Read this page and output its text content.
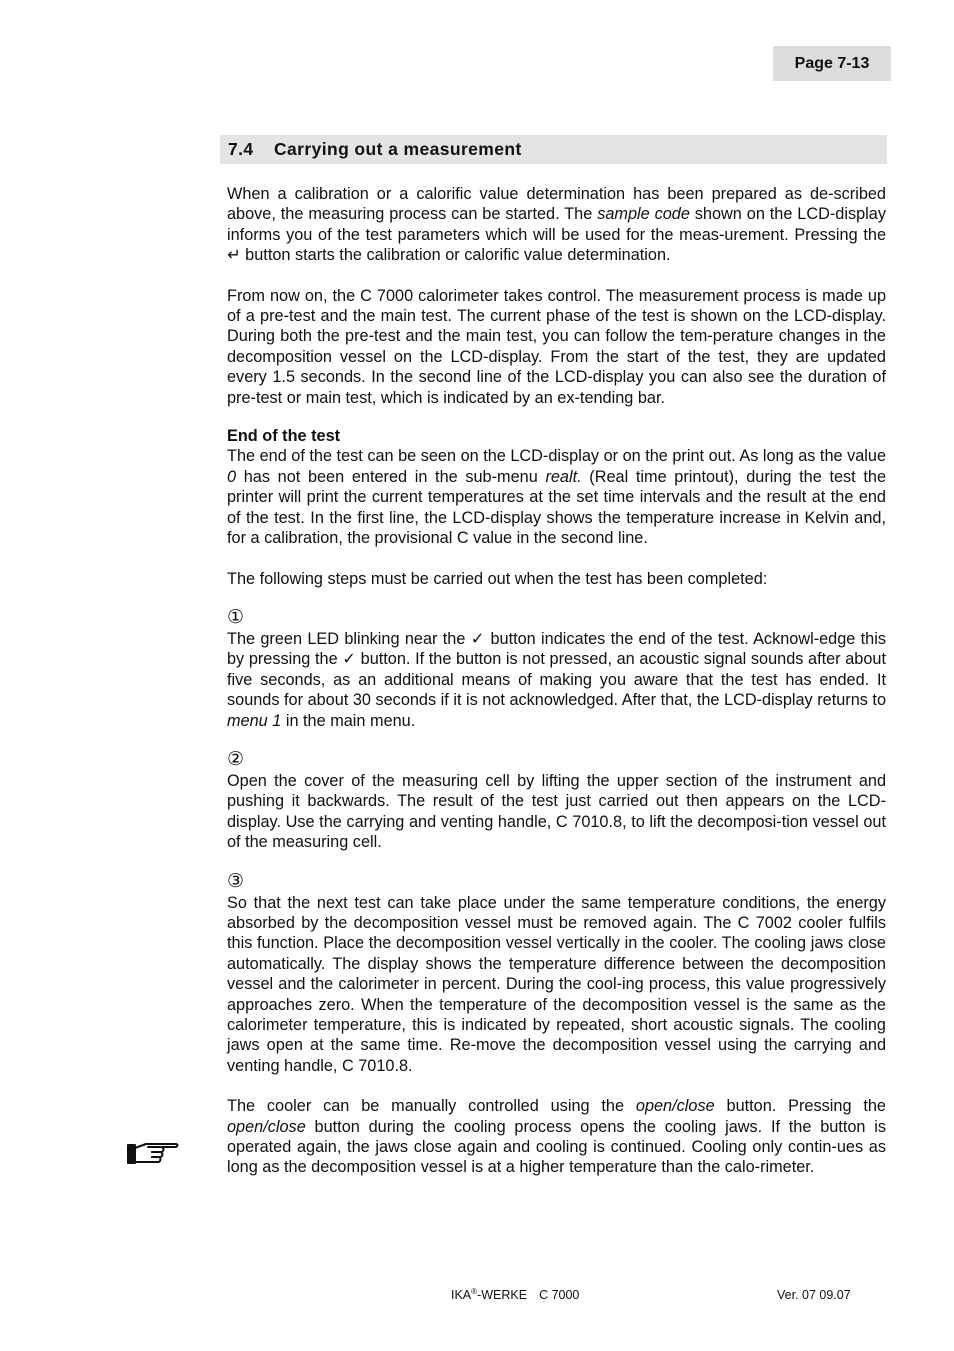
Page 7-13
7.4	Carrying out a measurement

When a calibration or a calorific value determination has been prepared as de-scribed above, the measuring process can be started. The sample code shown on the LCD-display informs you of the test parameters which will be used for the meas-urement. Pressing the ↵ button starts the calibration or calorific value determination.

From now on, the C 7000 calorimeter takes control. The measurement process is made up of a pre-test and the main test. The current phase of the test is shown on the LCD-display. During both the pre-test and the main test, you can follow the tem-perature changes in the decomposition vessel on the LCD-display. From the start of the test, they are updated every 1.5 seconds. In the second line of the LCD-display you can also see the duration of pre-test or main test, which is indicated by an ex-tending bar.

End of the test

The end of the test can be seen on the LCD-display or on the print out. As long as the value 0 has not been entered in the sub-menu realt. (Real time printout), during the test the printer will print the current temperatures at the set time intervals and the result at the end of the test. In the first line, the LCD-display shows the temperature increase in Kelvin and, for a calibration, the provisional C value in the second line.

The following steps must be carried out when the test has been completed:

①

The green LED blinking near the ✓ button indicates the end of the test. Acknowl-edge this by pressing the ✓ button. If the button is not pressed, an acoustic signal sounds after about five seconds, as an additional means of making you aware that the test has ended. It sounds for about 30 seconds if it is not acknowledged. After that, the LCD-display returns to menu 1 in the main menu.

②

Open the cover of the measuring cell by lifting the upper section of the instrument and pushing it backwards. The result of the test just carried out then appears on the LCD-display. Use the carrying and venting handle, C 7010.8, to lift the decomposi-tion vessel out of the measuring cell.

③

So that the next test can take place under the same temperature conditions, the energy absorbed by the decomposition vessel must be removed again. The C 7002 cooler fulfils this function. Place the decomposition vessel vertically in the cooler. The cooling jaws close automatically. The display shows the temperature difference between the decomposition vessel and the calorimeter in percent. During the cool-ing process, this value progressively approaches zero. When the temperature of the decomposition vessel is the same as the calorimeter temperature, this is indicated by repeated, short acoustic signals. The cooling jaws open at the same time. Re-move the decomposition vessel using the carrying and venting handle, C 7010.8.

The cooler can be manually controlled using the open/close button. Pressing the open/close button during the cooling process opens the cooling jaws. If the button is operated again, the jaws close again and cooling is continued. Cooling only contin-ues as long as the decomposition vessel is at a higher temperature than the calo-rimeter.

IKA®-WERKE C 7000	Ver. 07 09.07
